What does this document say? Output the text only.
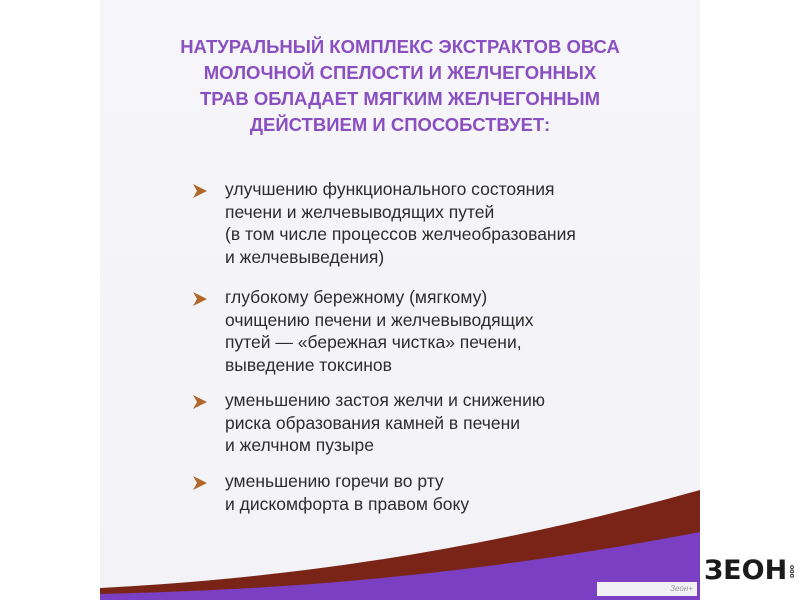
НАТУРАЛЬНЫЙ КОМПЛЕКС ЭКСТРАКТОВ ОВСА
МОЛОЧНОЙ СПЕЛОСТИ И ЖЕЛЧЕГОННЫХ
ТРАВ ОБЛАДАЕТ МЯГКИМ ЖЕЛЧЕГОННЫМ
ДЕЙСТВИЕМ И СПОСОБСТВУЕТ:
улучшению функционального состояния
печени и желчевыводящих путей
(в том числе процессов желчеобразования
и желчевыведения)
глубокому бережному (мягкому)
очищению печени и желчевыводящих
путей — «бережная чистка» печени,
выведение токсинов
уменьшению застоя желчи и снижению
риска образования камней в печени
и желчном пузыре
уменьшению горечи во рту
и дискомфорта в правом боку
Зеон+
ЗЕОН ооо
